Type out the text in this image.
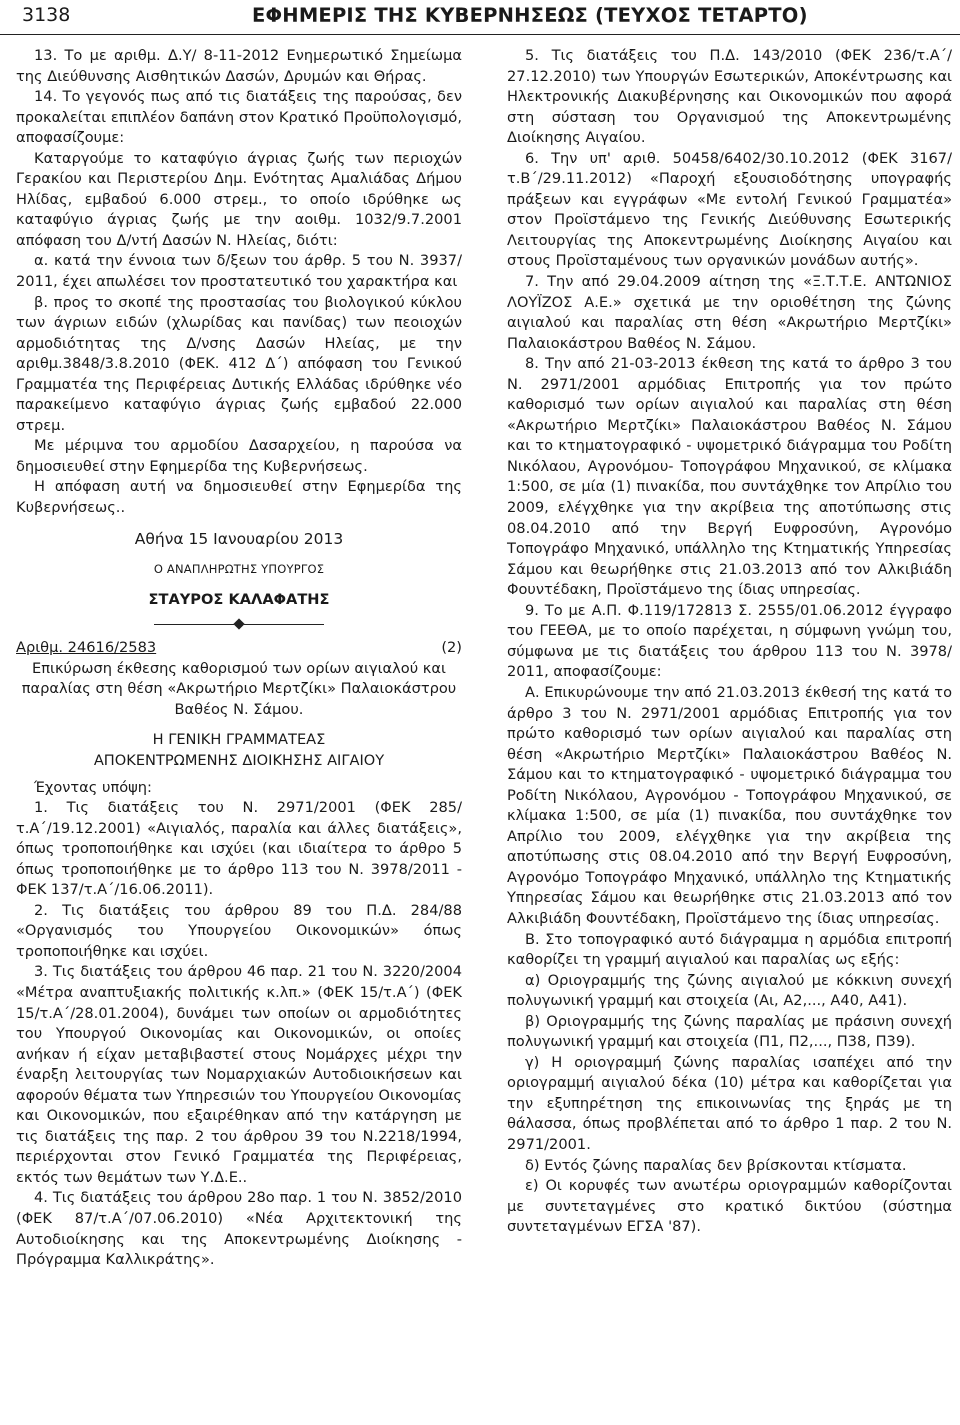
3138	ΕΦΗΜΕΡΙΣ ΤΗΣ ΚΥΒΕΡΝΗΣΕΩΣ (ΤΕΥΧΟΣ ΤΕΤΑΡΤΟ)

13. Το με αριθμ. Δ.Υ/ 8-11-2012 Ενημερωτικό Σημείωμα της Διεύθυνσης Αισθητικών Δασών, Δρυμών και Θήρας.

14. Το γεγονός πως από τις διατάξεις της παρούσας, δεν προκαλείται επιπλέον δαπάνη στον Κρατικό Προϋπολογισμό, αποφασίζουμε:

Καταργούμε το καταφύγιο άγριας ζωής των περιοχών Γερακίου και Περιστερίου Δημ. Ενότητας Αμαλιάδας Δήμου Ηλίδας, εμβαδού 6.000 στρεμ., το οποίο ιδρύθηκε ως καταφύγιο άγριας ζωής με την αοιθμ. 1032/9.7.2001 απόφαση του Δ/ντή Δασών Ν. Ηλείας, διότι:

α. κατά την έννοια των δ/ξεων του άρθρ. 5 του Ν. 3937/ 2011, έχει απωλέσει τον προστατευτικό του χαρακτήρα και

β. προς το σκοπέ της προστασίας του βιολογικού κύκλου των άγριων ειδών (χλωρίδας και πανίδας) των πεοιοχών αρμοδιότητας της Δ/νσης Δασών Ηλείας, με την αριθμ.3848/3.8.2010 (ΦΕΚ. 412 Δ΄) απόφαση του Γενικού Γραμματέα της Περιφέρειας Δυτικής Ελλάδας ιδρύθηκε νέο παρακείμενο καταφύγιο άγριας ζωής εμβαδού 22.000 στρεμ.

Με μέριμνα του αρμοδίου Δασαρχείου, η παρούσα να δημοσιευθεί στην Εφημερίδα της Κυβερνήσεως.

Η απόφαση αυτή να δημοσιευθεί στην Εφημερίδα της Κυβερνήσεως..

Αθήνα 15 Ιανουαρίου 2013

Ο ΑΝΑΠΛΗΡΩΤΗΣ ΥΠΟΥΡΓΟΣ

ΣΤΑΥΡΟΣ ΚΑΛΑΦΑΤΗΣ

Αριθμ. 24616/2583	(2)

Επικύρωση έκθεσης καθορισμού των ορίων αιγιαλού και παραλίας στη θέση «Ακρωτήριο Μερτζίκι» Παλαιοκάστρου Βαθέος Ν. Σάμου.

Η ΓΕΝΙΚΗ ΓΡΑΜΜΑΤΕΑΣ

ΑΠΟΚΕΝΤΡΩΜΕΝΗΣ ΔΙΟΙΚΗΣΗΣ ΑΙΓΑΙΟΥ

Έχοντας υπόψη:

1. Τις διατάξεις του Ν. 2971/2001 (ΦΕΚ 285/τ.Α΄/19.12.2001) «Αιγιαλός, παραλία και άλλες διατάξεις», όπως τροποποιήθηκε και ισχύει (και ιδιαίτερα το άρθρο 5 όπως τροποποιήθηκε με το άρθρο 113 του Ν. 3978/2011 - ΦΕΚ 137/τ.Α΄/16.06.2011).

2. Τις διατάξεις του άρθρου 89 του Π.Δ. 284/88 «Οργανισμός του Υπουργείου Οικονομικών» όπως τροποποιήθηκε και ισχύει.

3. Τις διατάξεις του άρθρου 46 παρ. 21 του Ν. 3220/2004 «Μέτρα αναπτυξιακής πολιτικής κ.λπ.» (ΦΕΚ 15/τ.Α΄) (ΦΕΚ 15/τ.Α΄/28.01.2004), δυνάμει των οποίων οι αρμοδιότητες του Υπουργού Οικονομίας και Οικονομικών, οι οποίες ανήκαν ή είχαν μεταβιβαστεί στους Νομάρχες μέχρι την έναρξη λειτουργίας των Νομαρχιακών Αυτοδιοικήσεων και αφορούν θέματα των Υπηρεσιών του Υπουργείου Οικονομίας και Οικονομικών, που εξαιρέθηκαν από την κατάργηση με τις διατάξεις της παρ. 2 του άρθρου 39 του Ν.2218/1994, περιέρχονται στον Γενικό Γραμματέα της Περιφέρειας, εκτός των θεμάτων των Υ.Δ.Ε..

4. Τις διατάξεις του άρθρου 28ο παρ. 1 του Ν. 3852/2010 (ΦΕΚ 87/τ.Α΄/07.06.2010) «Νέα Αρχιτεκτονική της Αυτοδιοίκησης και της Αποκεντρωμένης Διοίκησης - Πρόγραμμα Καλλικράτης».

5. Τις διατάξεις του Π.Δ. 143/2010 (ΦΕΚ 236/τ.Α΄/ 27.12.2010) των Υπουργών Εσωτερικών, Αποκέντρωσης και Ηλεκτρονικής Διακυβέρνησης και Οικονομικών που αφορά στη σύσταση του Οργανισμού της Αποκεντρωμένης Διοίκησης Αιγαίου.

6. Την υπ' αριθ. 50458/6402/30.10.2012 (ΦΕΚ 3167/ τ.Β΄/29.11.2012) «Παροχή εξουσιοδότησης υπογραφής πράξεων και εγγράφων «Με εντολή Γενικού Γραμματέα» στον Προϊστάμενο της Γενικής Διεύθυνσης Εσωτερικής Λειτουργίας της Αποκεντρωμένης Διοίκησης Αιγαίου και στους Προϊσταμένους των οργανικών μονάδων αυτής».

7. Την από 29.04.2009 αίτηση της «Ξ.Τ.Τ.Ε. ΑΝΤΩΝΙΟΣ ΛΟΥΪΖΟΣ Α.Ε.» σχετικά με την οριοθέτηση της ζώνης αιγιαλού και παραλίας στη θέση «Ακρωτήριο Μερτζίκι» Παλαιοκάστρου Βαθέος Ν. Σάμου.

8. Την από 21-03-2013 έκθεση της κατά το άρθρο 3 του Ν. 2971/2001 αρμόδιας Επιτροπής για τον πρώτο καθορισμό των ορίων αιγιαλού και παραλίας στη θέση «Ακρωτήριο Μερτζίκι» Παλαιοκάστρου Βαθέος Ν. Σάμου και το κτηματογραφικό - υψομετρικό διάγραμμα του Ροδίτη Νικόλαου, Αγρονόμου- Τοπογράφου Μηχανικού, σε κλίμακα 1:500, σε μία (1) πινακίδα, που συντάχθηκε τον Απρίλιο του 2009, ελέγχθηκε για την ακρίβεια της αποτύπωσης στις 08.04.2010 από την Βεργή Ευφροσύνη, Αγρονόμο Τοπογράφο Μηχανικό, υπάλληλο της Κτηματικής Υπηρεσίας Σάμου και θεωρήθηκε στις 21.03.2013 από τον Αλκιβιάδη Φουντέδακη, Προϊστάμενο της ίδιας υπηρεσίας.

9. Το με Α.Π. Φ.119/172813 Σ. 2555/01.06.2012 έγγραφο του ΓΕΕΘΑ, με το οποίο παρέχεται, η σύμφωνη γνώμη του, σύμφωνα με τις διατάξεις του άρθρου 113 του Ν. 3978/ 2011, αποφασίζουμε:

Α. Επικυρώνουμε την από 21.03.2013 έκθεσή της κατά το άρθρο 3 του Ν. 2971/2001 αρμόδιας Επιτροπής για τον πρώτο καθορισμό των ορίων αιγιαλού και παραλίας στη θέση «Ακρωτήριο Μερτζίκι» Παλαιοκάστρου Βαθέος Ν. Σάμου και το κτηματογραφικό - υψομετρικό διάγραμμα του Ροδίτη Νικόλαου, Αγρονόμου - Τοπογράφου Μηχανικού, σε κλίμακα 1:500, σε μία (1) πινακίδα, που συντάχθηκε τον Απρίλιο του 2009, ελέγχθηκε για την ακρίβεια της αποτύπωσης στις 08.04.2010 από την Βεργή Ευφροσύνη, Αγρονόμο Τοπογράφο Μηχανικό, υπάλληλο της Κτηματικής Υπηρεσίας Σάμου και θεωρήθηκε στις 21.03.2013 από τον Αλκιβιάδη Φουντέδακη, Προϊστάμενο της ίδιας υπηρεσίας.

Β. Στο τοπογραφικό αυτό διάγραμμα η αρμόδια επιτροπή καθορίζει τη γραμμή αιγιαλού και παραλίας ως εξής:

α) Οριογραμμής της ζώνης αιγιαλού με κόκκινη συνεχή πολυγωνική γραμμή και στοιχεία (Αι, Α2,..., Α40, Α41).

β) Οριογραμμής της ζώνης παραλίας με πράσινη συνεχή πολυγωνική γραμμή και στοιχεία (Π1, Π2,..., Π38, Π39).

γ) Η οριογραμμή ζώνης παραλίας ισαπέχει από την οριογραμμή αιγιαλού δέκα (10) μέτρα και καθορίζεται για την εξυπηρέτηση της επικοινωνίας της ξηράς με τη θάλασσα, όπως προβλέπεται από το άρθρο 1 παρ. 2 του Ν. 2971/2001.

δ) Εντός ζώνης παραλίας δεν βρίσκονται κτίσματα.

ε) Οι κορυφές των ανωτέρω οριογραμμών καθορίζονται με συντεταγμένες στο κρατικό δικτύου (σύστημα συντεταγμένων ΕΓΣΑ '87).
